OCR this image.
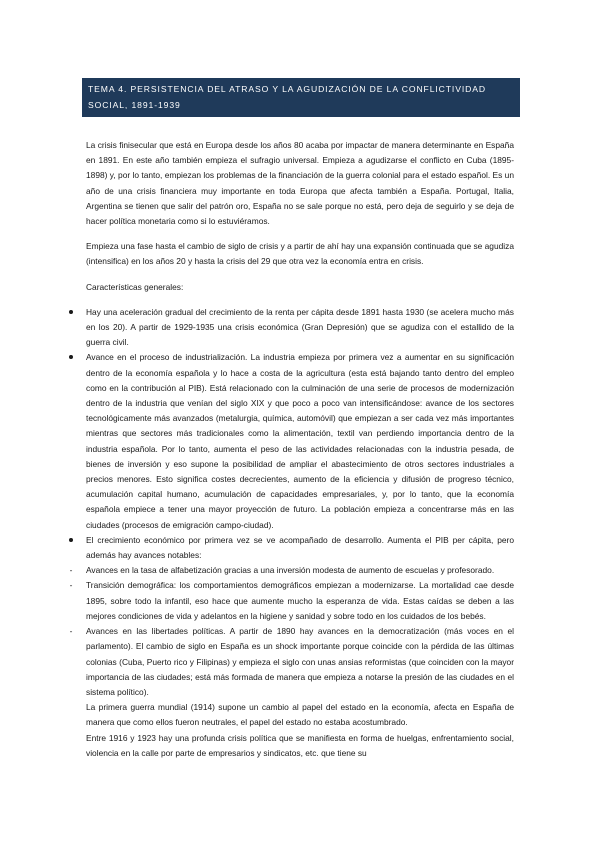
TEMA 4. PERSISTENCIA DEL ATRASO Y LA AGUDIZACIÓN DE LA CONFLICTIVIDAD SOCIAL, 1891-1939

La crisis finisecular que está en Europa desde los años 80 acaba por impactar de manera determinante en España en 1891. En este año también empieza el sufragio universal. Empieza a agudizarse el conflicto en Cuba (1895-1898) y, por lo tanto, empiezan los problemas de la financiación de la guerra colonial para el estado español. Es un año de una crisis financiera muy importante en toda Europa que afecta también a España. Portugal, Italia, Argentina se tienen que salir del patrón oro, España no se sale porque no está, pero deja de seguirlo y se deja de hacer política monetaria como si lo estuviéramos.

Empieza una fase hasta el cambio de siglo de crisis y a partir de ahí hay una expansión continuada que se agudiza (intensifica) en los años 20 y hasta la crisis del 29 que otra vez la economía entra en crisis.

Características generales:

Hay una aceleración gradual del crecimiento de la renta per cápita desde 1891 hasta 1930 (se acelera mucho más en los 20). A partir de 1929-1935 una crisis económica (Gran Depresión) que se agudiza con el estallido de la guerra civil.
Avance en el proceso de industrialización. La industria empieza por primera vez a aumentar en su significación dentro de la economía española y lo hace a costa de la agricultura (esta está bajando tanto dentro del empleo como en la contribución al PIB). Está relacionado con la culminación de una serie de procesos de modernización dentro de la industria que venían del siglo XIX y que poco a poco van intensificándose: avance de los sectores tecnológicamente más avanzados (metalurgia, química, automóvil) que empiezan a ser cada vez más importantes mientras que sectores más tradicionales como la alimentación, textil van perdiendo importancia dentro de la industria española. Por lo tanto, aumenta el peso de las actividades relacionadas con la industria pesada, de bienes de inversión y eso supone la posibilidad de ampliar el abastecimiento de otros sectores industriales a precios menores. Esto significa costes decrecientes, aumento de la eficiencia y difusión de progreso técnico, acumulación capital humano, acumulación de capacidades empresariales, y, por lo tanto, que la economía española empiece a tener una mayor proyección de futuro. La población empieza a concentrarse más en las ciudades (procesos de emigración campo-ciudad).
El crecimiento económico por primera vez se ve acompañado de desarrollo. Aumenta el PIB per cápita, pero además hay avances notables:
-	Avances en la tasa de alfabetización gracias a una inversión modesta de aumento de escuelas y profesorado.
-	Transición demográfica: los comportamientos demográficos empiezan a modernizarse. La mortalidad cae desde 1895, sobre todo la infantil, eso hace que aumente mucho la esperanza de vida. Estas caídas se deben a las mejores condiciones de vida y adelantos en la higiene y sanidad y sobre todo en los cuidados de los bebés.
-	Avances en las libertades políticas. A partir de 1890 hay avances en la democratización (más voces en el parlamento). El cambio de siglo en España es un shock importante porque coincide con la pérdida de las últimas colonias (Cuba, Puerto rico y Filipinas) y empieza el siglo con unas ansias reformistas (que coinciden con la mayor importancia de las ciudades; está más formada de manera que empieza a notarse la presión de las ciudades en el sistema político).

La primera guerra mundial (1914) supone un cambio al papel del estado en la economía, afecta en España de manera que como ellos fueron neutrales, el papel del estado no estaba acostumbrado.

Entre 1916 y 1923 hay una profunda crisis política que se manifiesta en forma de huelgas, enfrentamiento social, violencia en la calle por parte de empresarios y sindicatos, etc. que tiene su
